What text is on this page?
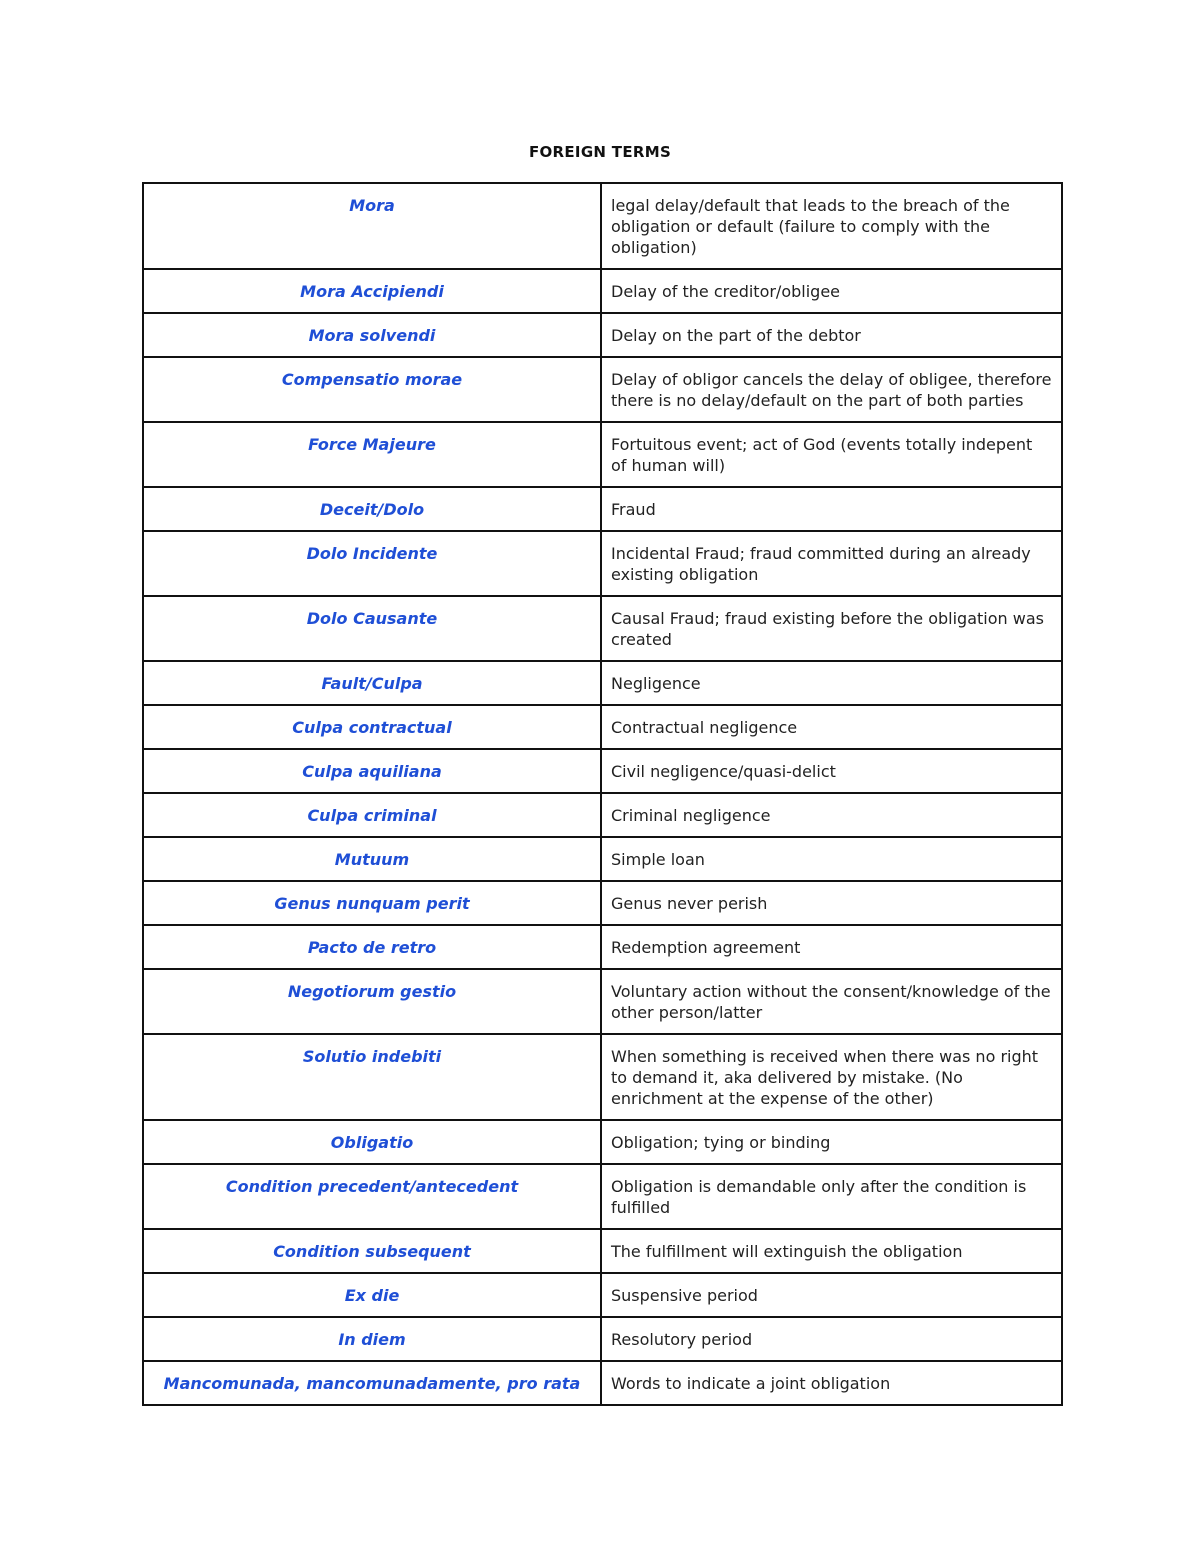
FOREIGN TERMS
Mora	legal delay/default that leads to the breach of the obligation or default (failure to comply with the obligation)
Mora Accipiendi	Delay of the creditor/obligee
Mora solvendi	Delay on the part of the debtor
Compensatio morae	Delay of obligor cancels the delay of obligee, therefore there is no delay/default on the part of both parties
Force Majeure	Fortuitous event; act of God (events totally indepent of human will)
Deceit/Dolo	Fraud
Dolo Incidente	Incidental Fraud; fraud committed during an already existing obligation
Dolo Causante	Causal Fraud; fraud existing before the obligation was created
Fault/Culpa	Negligence
Culpa contractual	Contractual negligence
Culpa aquiliana	Civil negligence/quasi-delict
Culpa criminal	Criminal negligence
Mutuum	Simple loan
Genus nunquam perit	Genus never perish
Pacto de retro	Redemption agreement
Negotiorum gestio	Voluntary action without the consent/knowledge of the other person/latter
Solutio indebiti	When something is received when there was no right to demand it, aka delivered by mistake. (No enrichment at the expense of the other)
Obligatio	Obligation; tying or binding
Condition precedent/antecedent	Obligation is demandable only after the condition is fulfilled
Condition subsequent	The fulfillment will extinguish the obligation
Ex die	Suspensive period
In diem	Resolutory period
Mancomunada, mancomunadamente, pro rata	Words to indicate a joint obligation
